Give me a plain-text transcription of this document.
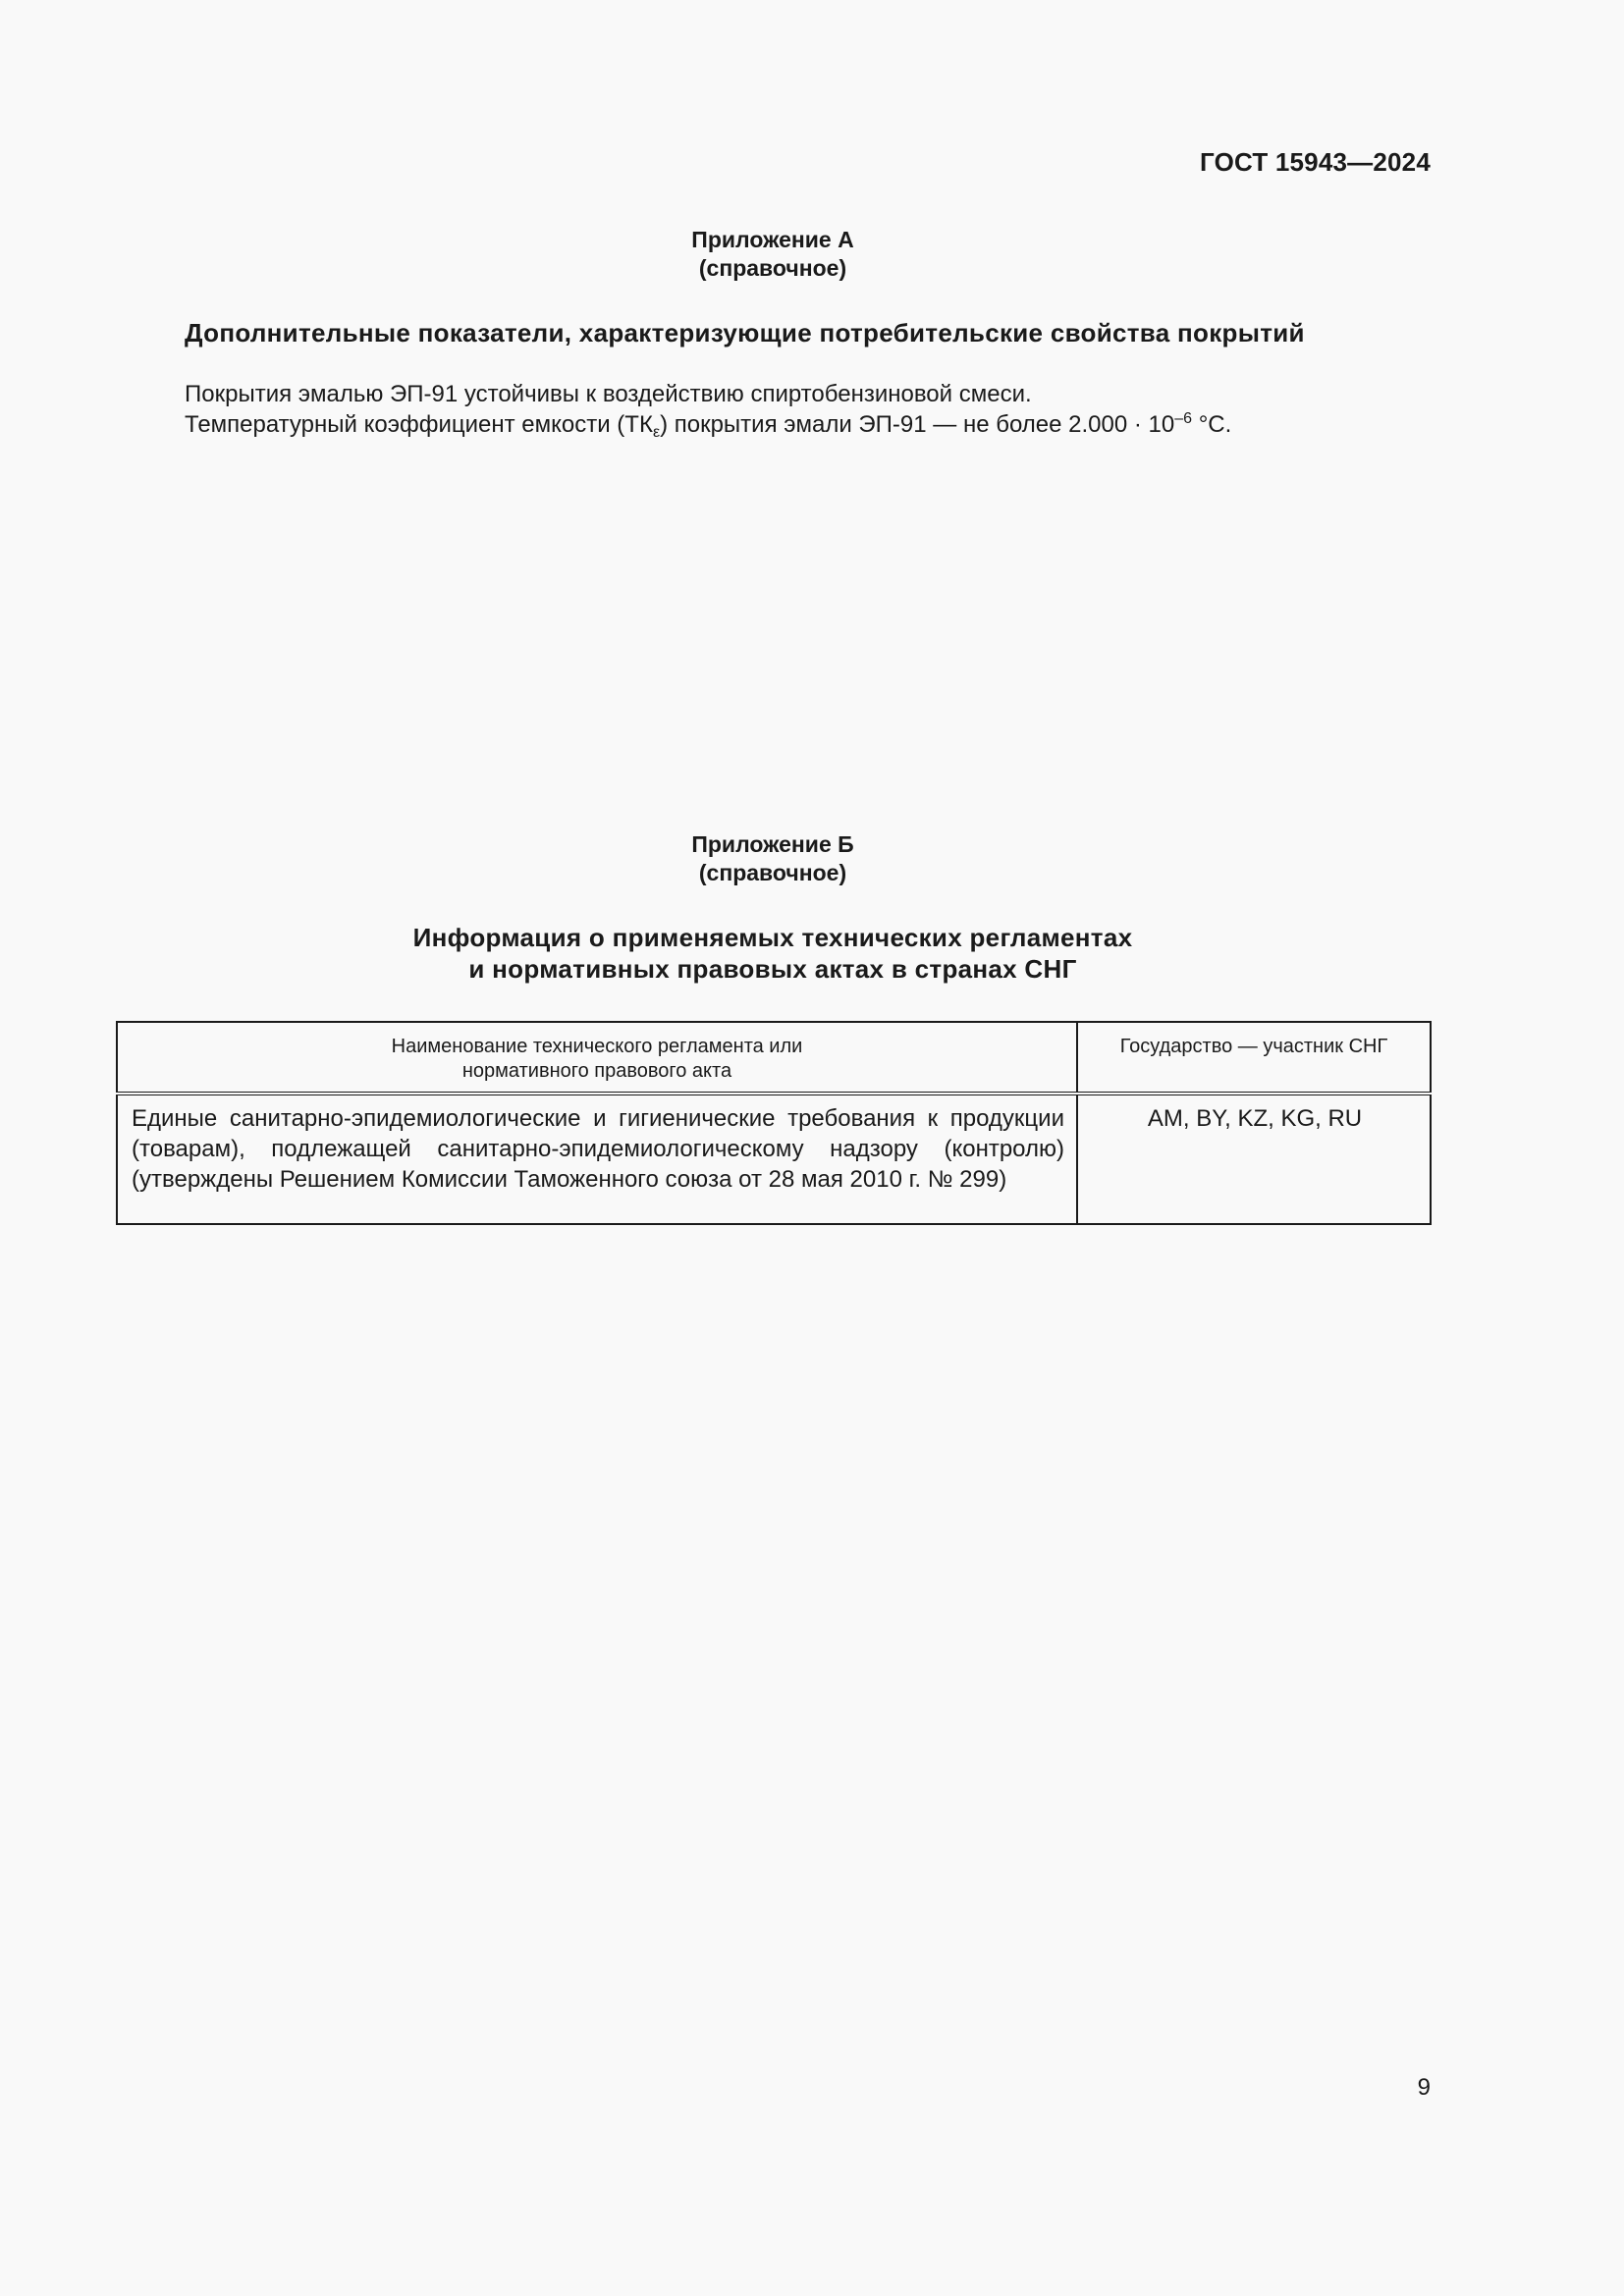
ГОСТ 15943—2024
Приложение А
(справочное)
Дополнительные показатели, характеризующие потребительские свойства покрытий

Покрытия эмалью ЭП-91 устойчивы к воздействию спиртобензиновой смеси.

Температурный коэффициент емкости $(ТК_\varepsilon)$ покрытия эмали ЭП-91 — не более $2.000 \cdot 10^{-6}$ °С.

Приложение Б
(справочное)
Информация о применяемых технических регламентах
и нормативных правовых актах в странах СНГ
Наименование технического регламента или
нормативного правового акта	Государство — участник СНГ
Единые санитарно-эпидемиологические и гигиенические требования к продукции (товарам), подлежащей санитарно-эпидемиологическому надзору (контролю) (утверждены Решением Комиссии Таможенного союза от 28 мая 2010 г. № 299)	AM, BY, KZ, KG, RU
9
